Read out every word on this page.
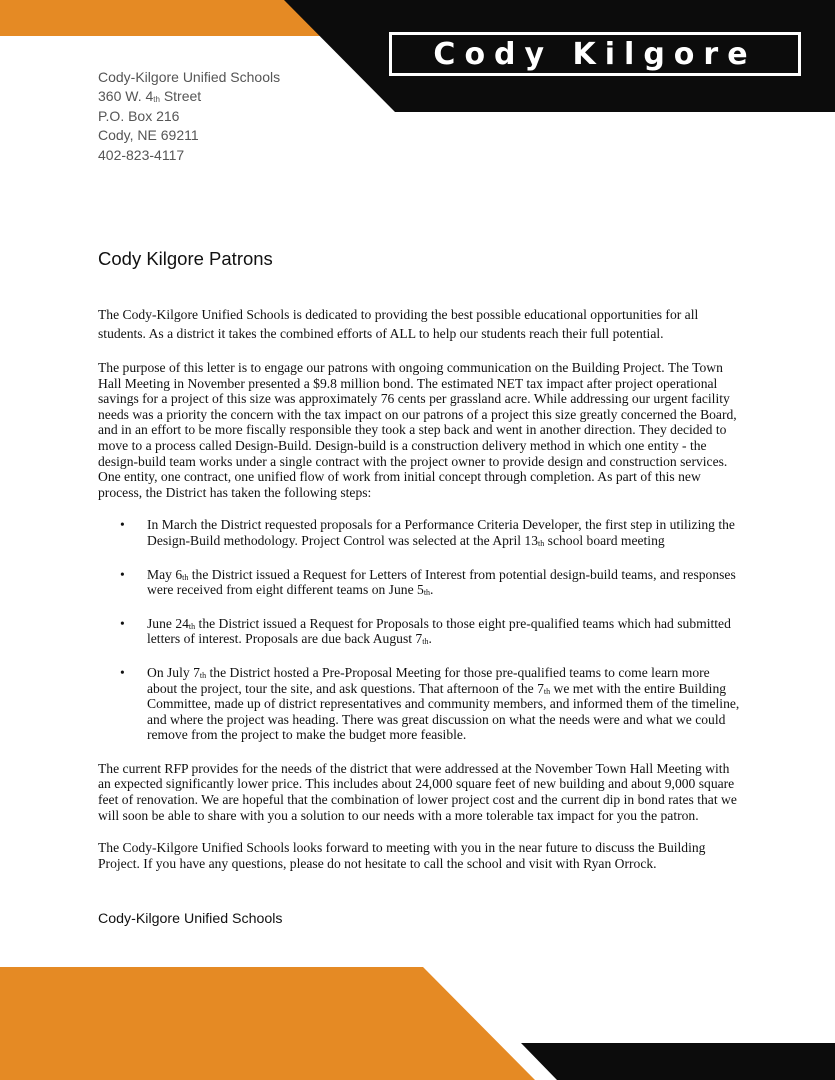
Cody Kilgore
Cody-Kilgore Unified Schools
360 W. $4_{th}$ Street
P.O. Box 216
Cody, NE 69211
402-823-4117
Cody Kilgore Patrons

The Cody-Kilgore Unified Schools is dedicated to providing the best possible educational opportunities for all students. As a district it takes the combined efforts of ALL to help our students reach their full potential.

The purpose of this letter is to engage our patrons with ongoing communication on the Building Project. The Town Hall Meeting in November presented a $9.8 million bond. The estimated NET tax impact after project operational savings for a project of this size was approximately 76 cents per grassland acre. While addressing our urgent facility needs was a priority the concern with the tax impact on our patrons of a project this size greatly concerned the Board, and in an effort to be more fiscally responsible they took a step back and went in another direction. They decided to move to a process called Design-Build. Design-build is a construction delivery method in which one entity - the design-build team works under a single contract with the project owner to provide design and construction services. One entity, one contract, one unified flow of work from initial concept through completion. As part of this new process, the District has taken the following steps:

• In March the District requested proposals for a Performance Criteria Developer, the first step in utilizing the Design-Build methodology. Project Control was selected at the April $13_{th}$ school board meeting
• May $6_{th}$ the District issued a Request for Letters of Interest from potential design-build teams, and responses were received from eight different teams on June $5_{th}$.
• June $24_{th}$ the District issued a Request for Proposals to those eight pre-qualified teams which had submitted letters of interest. Proposals are due back August $7_{th}$.
• On July $7_{th}$ the District hosted a Pre-Proposal Meeting for those pre-qualified teams to come learn more about the project, tour the site, and ask questions. That afternoon of the $7_{th}$ we met with the entire Building Committee, made up of district representatives and community members, and informed them of the timeline, and where the project was heading. There was great discussion on what the needs were and what we could remove from the project to make the budget more feasible.

The current RFP provides for the needs of the district that were addressed at the November Town Hall Meeting with an expected significantly lower price. This includes about 24,000 square feet of new building and about 9,000 square feet of renovation. We are hopeful that the combination of lower project cost and the current dip in bond rates that we will soon be able to share with you a solution to our needs with a more tolerable tax impact for you the patron.

The Cody-Kilgore Unified Schools looks forward to meeting with you in the near future to discuss the Building Project. If you have any questions, please do not hesitate to call the school and visit with Ryan Orrock.

Cody-Kilgore Unified Schools
